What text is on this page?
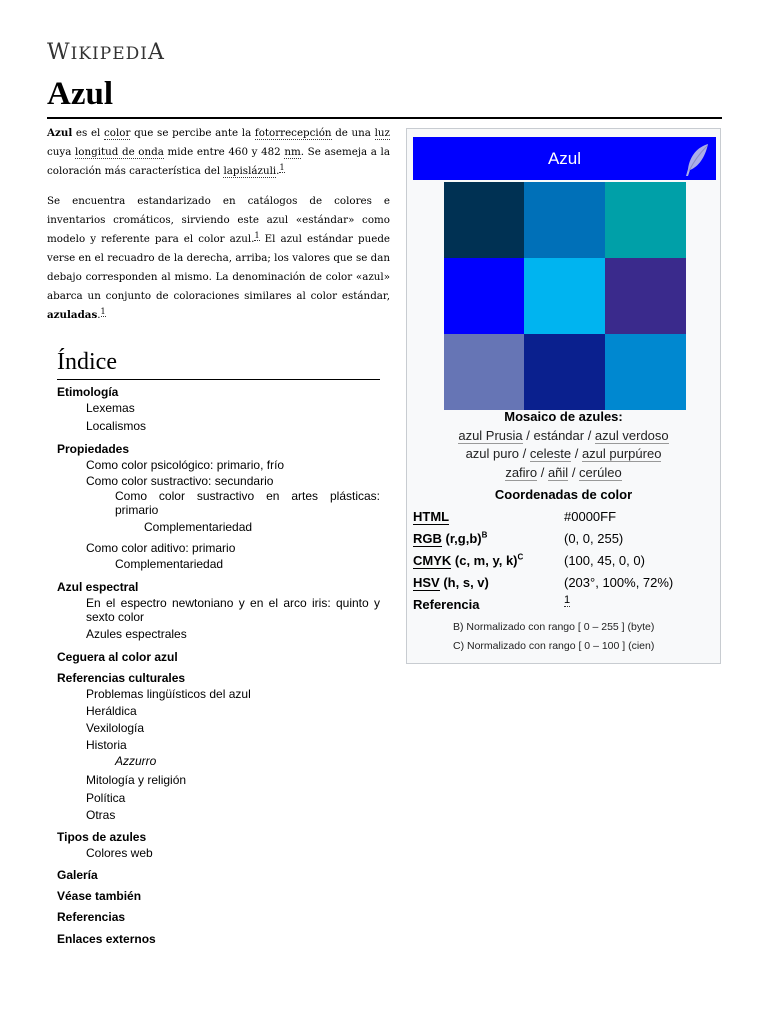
WIKIPEDIA
Azul

Azul es el color que se percibe ante la fotorrecepción de una luz cuya longitud de onda mide entre 460 y 482 nm. Se asemeja a la coloración más característica del lapislázuli.$^1$

Se encuentra estandarizado en catálogos de colores e inventarios cromáticos, sirviendo este azul «estándar» como modelo y referente para el color azul.$^1$ El azul estándar puede verse en el recuadro de la derecha, arriba; los valores que se dan debajo corresponden al mismo. La denominación de color «azul» abarca un conjunto de coloraciones similares al color estándar, azuladas.$^1$

Índice
Etimología
Lexemas
Localismos
Propiedades
Como color psicológico: primario, frío
Como color sustractivo: secundario
Como color sustractivo en artes plásticas: primario
Complementariedad
Como color aditivo: primario
Complementariedad
Azul espectral
En el espectro newtoniano y en el arco iris: quinto y sexto color
Azules espectrales
Ceguera al color azul
Referencias culturales
Problemas lingüísticos del azul
Heráldica
Vexilología
Historia
Azzurro
Mitología y religión
Política
Otras
Tipos de azules
Colores web
Galería
Véase también
Referencias
Enlaces externos
Azul
Mosaico de azules:
azul Prusia / estándar / azul verdoso
azul puro / celeste / azul purpúreo
zafiro / añil / cerúleo
Coordenadas de color
HTML	#0000FF
RGB $(r,g,b)^B$	(0, 0, 255)
CMYK (c, m, y, k)$^C$	(100, 45, 0, 0)
HSV (h, s, v)	(203°, 100%, 72%)
Referencia	1
B) Normalizado con rango [ 0 – 255 ] (byte)
C) Normalizado con rango [ 0 – 100 ] (cien)
